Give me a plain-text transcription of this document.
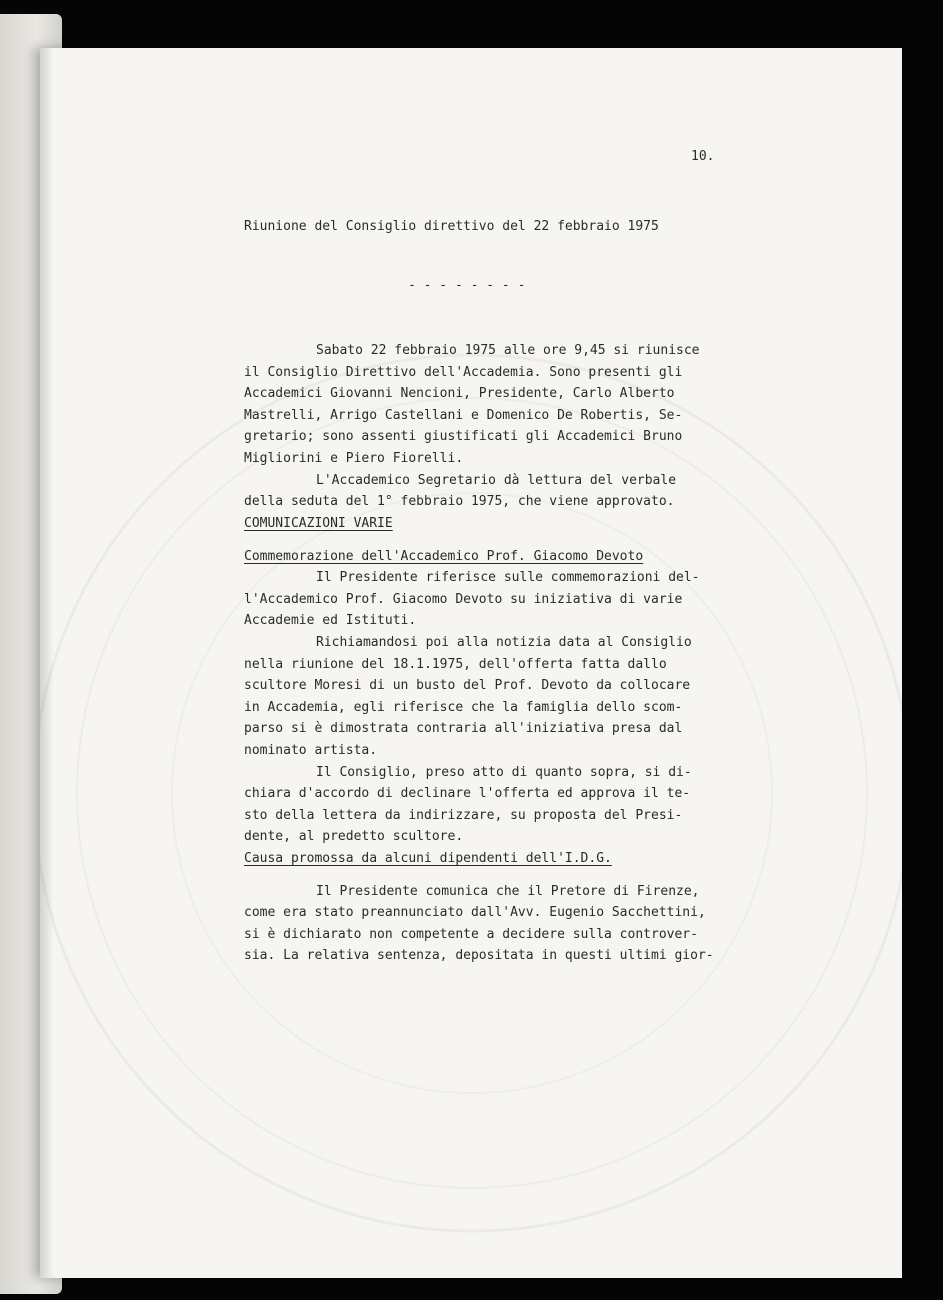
10.
Riunione del Consiglio direttivo del 22 febbraio 1975
- - - - - - - -
Sabato 22 febbraio 1975 alle ore 9,45 si riunisce
il Consiglio Direttivo dell'Accademia. Sono presenti gli
Accademici Giovanni Nencioni, Presidente, Carlo Alberto
Mastrelli, Arrigo Castellani e Domenico De Robertis, Se-
gretario; sono assenti giustificati gli Accademici Bruno
Migliorini e Piero Fiorelli.
L'Accademico Segretario dà lettura del verbale
della seduta del 1° febbraio 1975, che viene approvato.
COMUNICAZIONI VARIE
Commemorazione dell'Accademico Prof. Giacomo Devoto
Il Presidente riferisce sulle commemorazioni del-
l'Accademico Prof. Giacomo Devoto su iniziativa di varie
Accademie ed Istituti.
Richiamandosi poi alla notizia data al Consiglio
nella riunione del 18.1.1975, dell'offerta fatta dallo
scultore Moresi di un busto del Prof. Devoto da collocare
in Accademia, egli riferisce che la famiglia dello scom-
parso si è dimostrata contraria all'iniziativa presa dal
nominato artista.
Il Consiglio, preso atto di quanto sopra, si di-
chiara d'accordo di declinare l'offerta ed approva il te-
sto della lettera da indirizzare, su proposta del Presi-
dente, al predetto scultore.
Causa promossa da alcuni dipendenti dell'I.D.G.
Il Presidente comunica che il Pretore di Firenze,
come era stato preannunciato dall'Avv. Eugenio Sacchettini,
si è dichiarato non competente a decidere sulla controver-
sia. La relativa sentenza, depositata in questi ultimi gior-
